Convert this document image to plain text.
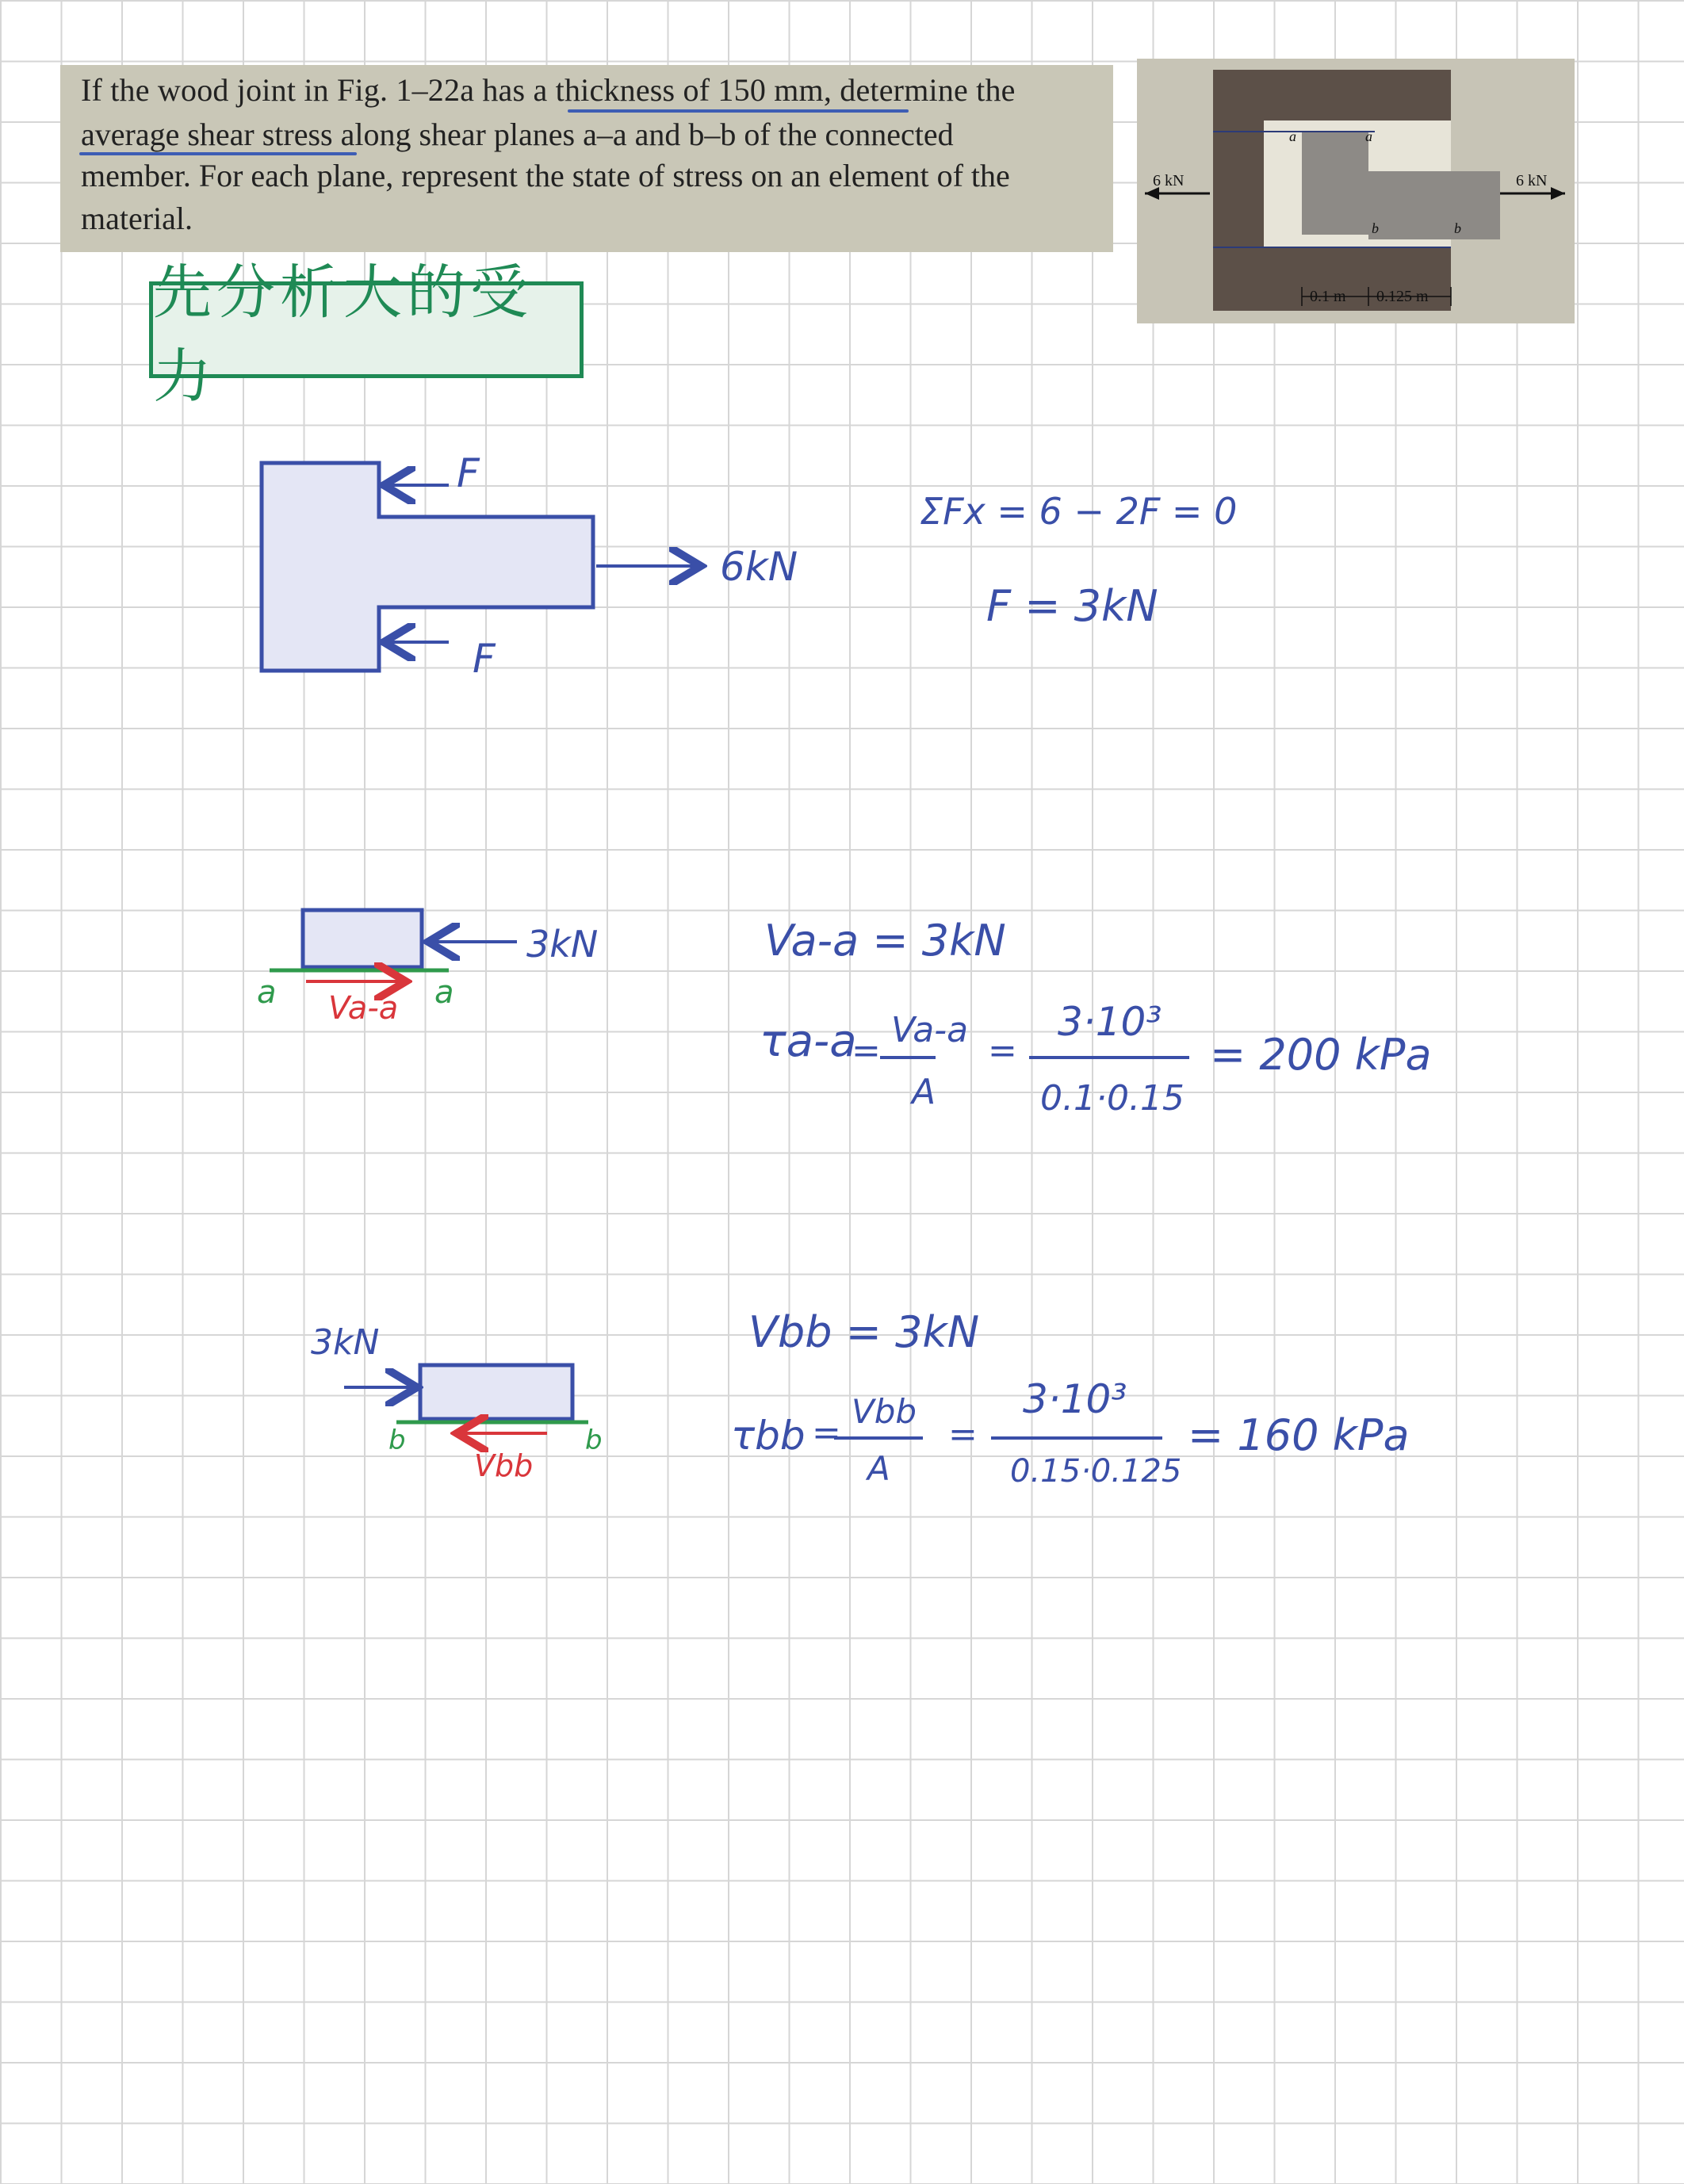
If the wood joint in Fig. 1–22a has a thickness of 150 mm, determine the
average shear stress along shear planes a–a and b–b of the connected
member. For each plane, represent the state of stress on an element of the
material.
6 kN	6 kN
a	a
b	b
0.1 m 0.125 m
先分析大的受力
F
F
6kN
ΣFx = 6 − 2F = 0
F = 3kN
3kN
a	a
Va-a
Va-a = 3kN
τa-a
=
Va-a
A
=
3·10³
0.1·0.15
= 200 kPa
3kN
b	b
Vbb
Vbb = 3kN
τbb =
Vbb
A
=
3·10³
0.15·0.125
= 160 kPa
